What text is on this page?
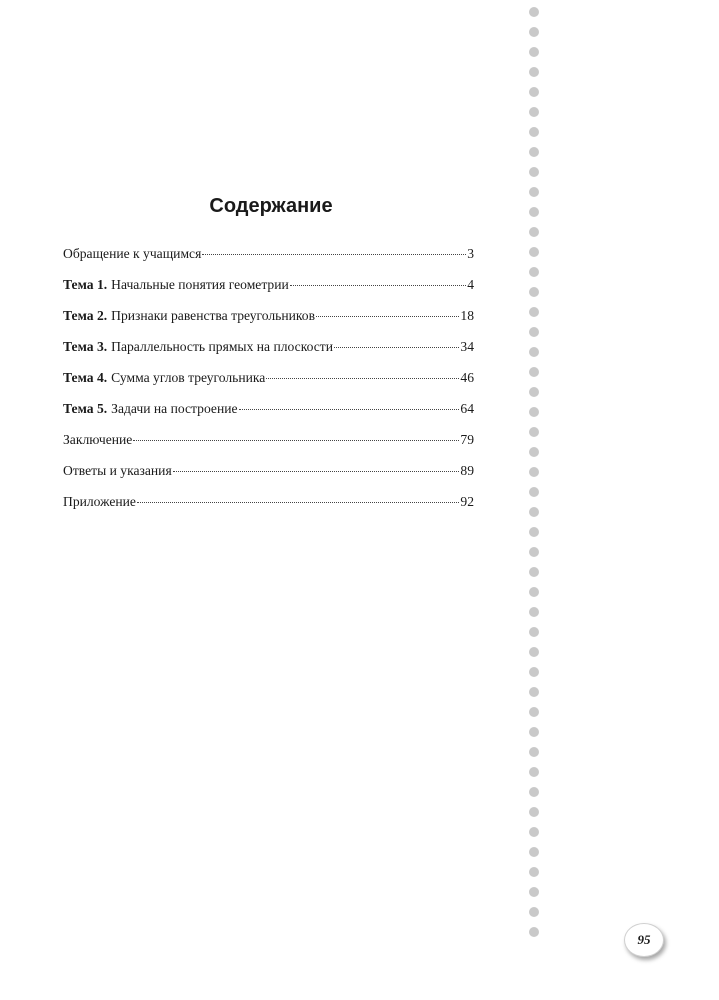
Содержание
Обращение к учащимся	3
Тема 1. Начальные понятия геометрии	4
Тема 2. Признаки равенства треугольников	18
Тема 3. Параллельность прямых на плоскости	34
Тема 4. Сумма углов треугольника	46
Тема 5. Задачи на построение	64
Заключение	79
Ответы и указания	89
Приложение	92
95
